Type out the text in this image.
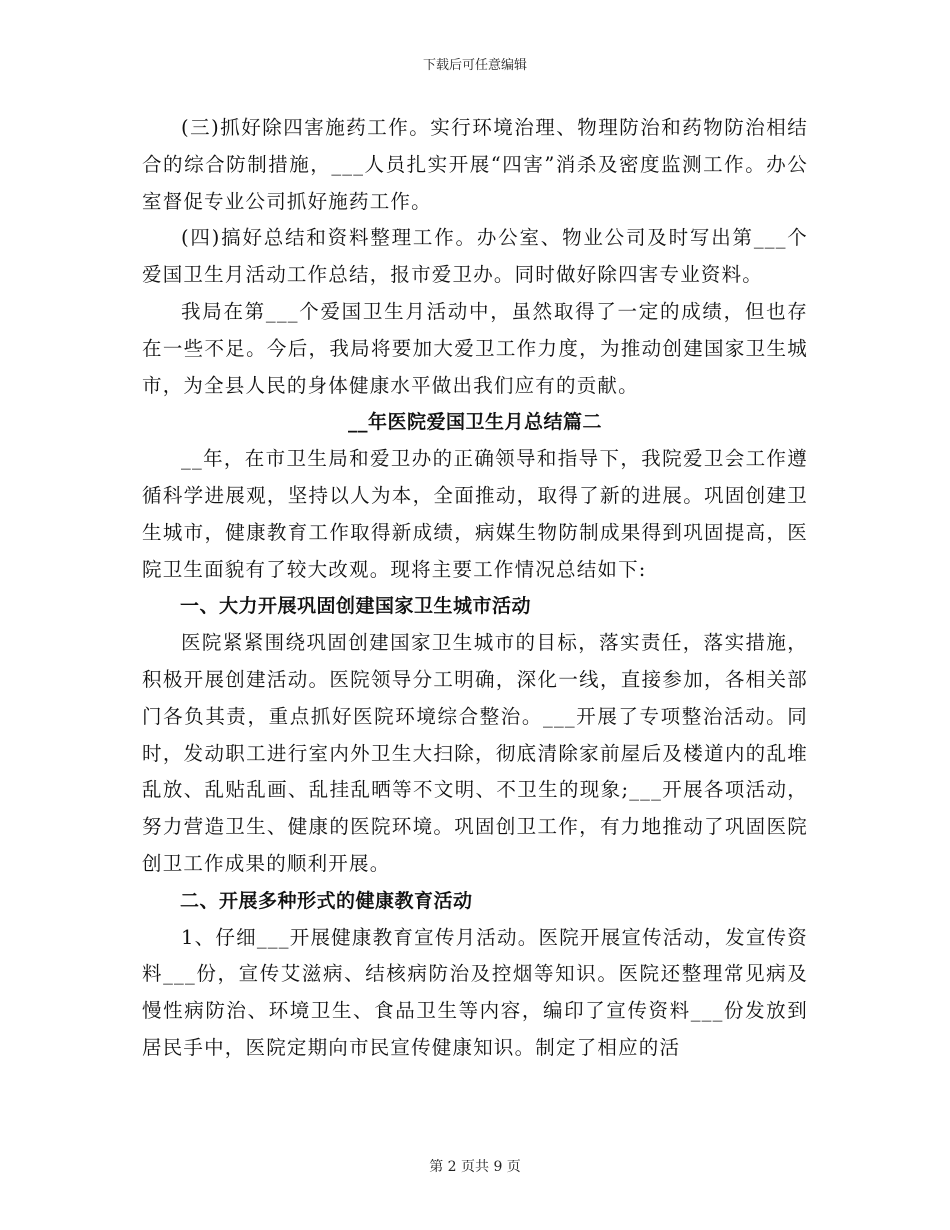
下载后可任意编辑

(三)抓好除四害施药工作。实行环境治理、物理防治和药物防治相结合的综合防制措施，___人员扎实开展“四害”消杀及密度监测工作。办公室督促专业公司抓好施药工作。

(四)搞好总结和资料整理工作。办公室、物业公司及时写出第___个爱国卫生月活动工作总结，报市爱卫办。同时做好除四害专业资料。

我局在第___个爱国卫生月活动中，虽然取得了一定的成绩，但也存在一些不足。今后，我局将要加大爱卫工作力度，为推动创建国家卫生城市，为全县人民的身体健康水平做出我们应有的贡献。

__年医院爱国卫生月总结篇二

__年，在市卫生局和爱卫办的正确领导和指导下，我院爱卫会工作遵循科学进展观，坚持以人为本，全面推动，取得了新的进展。巩固创建卫生城市，健康教育工作取得新成绩，病媒生物防制成果得到巩固提高，医院卫生面貌有了较大改观。现将主要工作情况总结如下:

一、大力开展巩固创建国家卫生城市活动

医院紧紧围绕巩固创建国家卫生城市的目标，落实责任，落实措施，积极开展创建活动。医院领导分工明确，深化一线，直接参加，各相关部门各负其责，重点抓好医院环境综合整治。___开展了专项整治活动。同时，发动职工进行室内外卫生大扫除，彻底清除家前屋后及楼道内的乱堆乱放、乱贴乱画、乱挂乱晒等不文明、不卫生的现象;___开展各项活动，努力营造卫生、健康的医院环境。巩固创卫工作，有力地推动了巩固医院创卫工作成果的顺利开展。

二、开展多种形式的健康教育活动

1、仔细___开展健康教育宣传月活动。医院开展宣传活动，发宣传资料___份，宣传艾滋病、结核病防治及控烟等知识。医院还整理常见病及慢性病防治、环境卫生、食品卫生等内容，编印了宣传资料___份发放到居民手中，医院定期向市民宣传健康知识。制定了相应的活

第 2 页共 9 页
